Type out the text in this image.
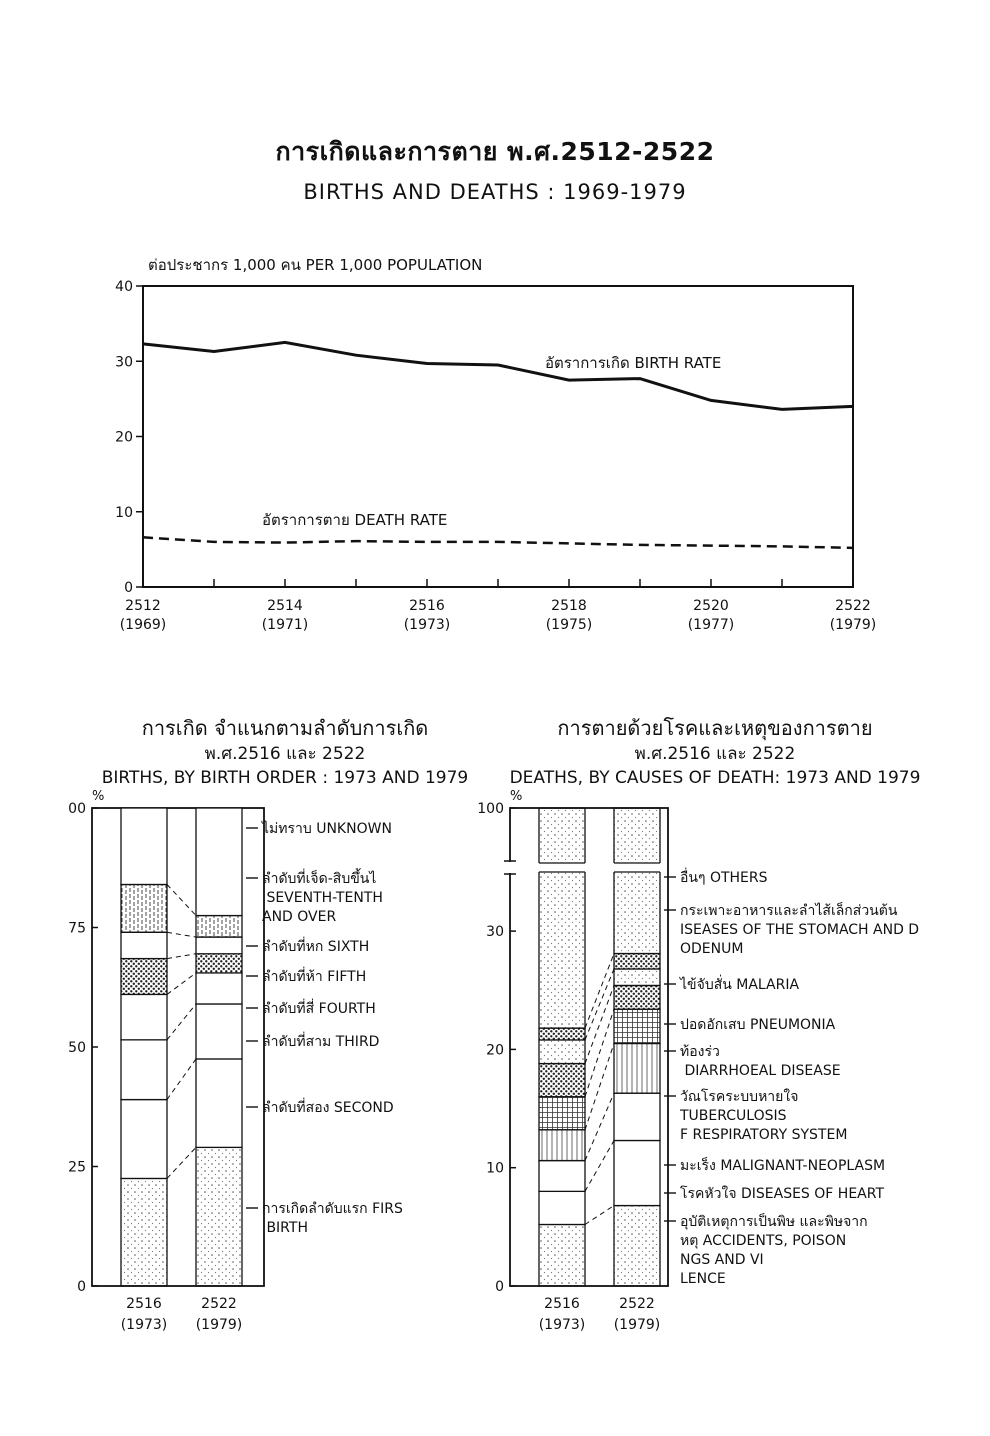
การเกิดและการตาย พ.ศ.2512-2522
BIRTHS AND DEATHS : 1969-1979
การเกิด จำแนกตามลำดับการเกิด
พ.ศ.2516 และ 2522
BIRTHS, BY BIRTH ORDER : 1973 AND 1979
การตายด้วยโรคและเหตุของการตาย
พ.ศ.2516 และ 2522
DEATHS, BY CAUSES OF DEATH: 1973 AND 1979
ต่อประชากร 1,000 คน PER 1,000 POPULATION
0
10
20
30
40
2512
(1969)
2514
(1971)
2516
(1973)
2518
(1975)
2520
(1977)
2522
(1979)
อัตราการเกิด BIRTH RATE
อัตราการตาย DEATH RATE
%
0
25
50
75
00
การเกิดลำดับแรก FIRS BIRTH
ลำดับที่สอง SECOND
ลำดับที่สาม THIRD
ลำดับที่สี่ FOURTH
ลำดับที่ห้า FIFTH
ลำดับที่หก SIXTH
ลำดับที่เจ็ด-สิบขึ้นไ SEVENTH-TENTH AND OVER
ไม่ทราบ UNKNOWN
2516
(1973)
2522
(1979)
%
0
10
20
30
100
อุบัติเหตุการเป็นพิษ และพิษจากหตุ ACCIDENTS, POISON NGS AND VI LENCE
โรคหัวใจ DISEASES OF HEART
มะเร็ง MALIGNANT-NEOPLASM
วัณโรคระบบหายใจ TUBERCULOSIS F RESPIRATORY SYSTEM
ท้องร่ว DIARRHOEAL DISEASE
ปอดอักเสบ PNEUMONIA
ไข้จับสั่น MALARIA
กระเพาะอาหารและลำไส้เล็กส่วนต้น ISEASES OF THE STOMACH AND D ODENUM
อื่นๆ OTHERS
2516
(1973)
2522
(1979)
